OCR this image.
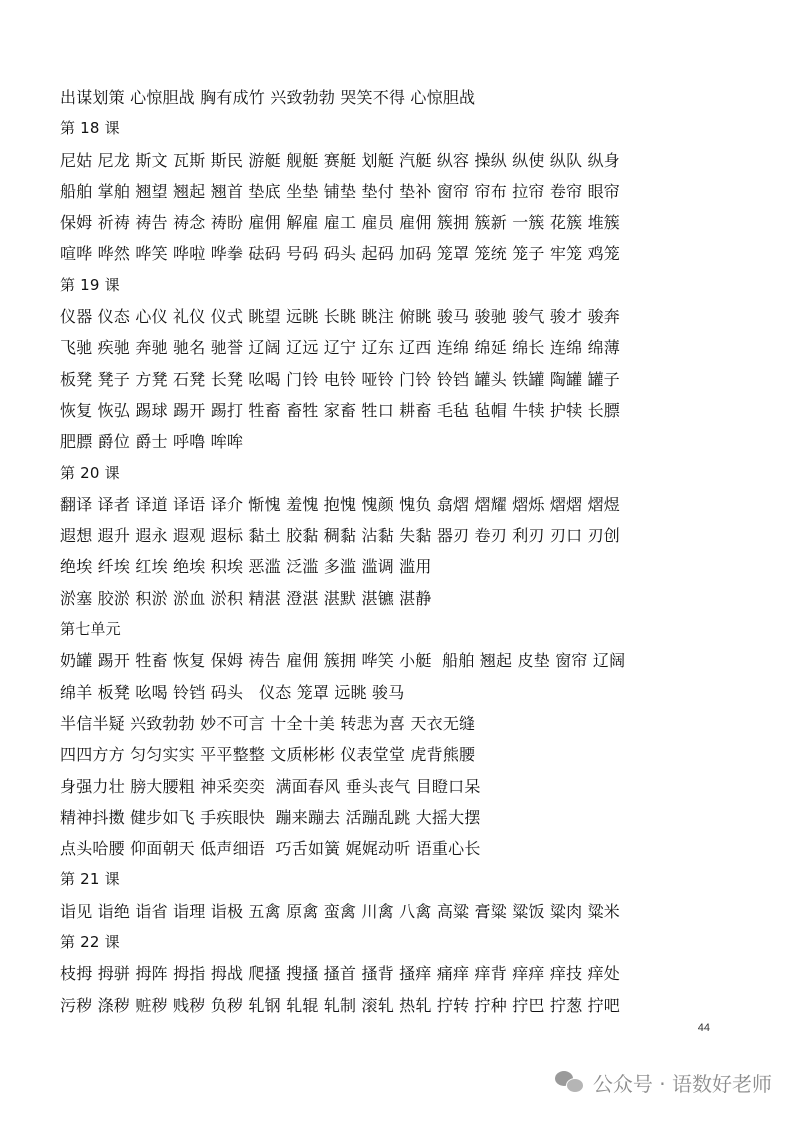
出谋划策 心惊胆战 胸有成竹 兴致勃勃 哭笑不得 心惊胆战
第 18 课
尼姑 尼龙 斯文 瓦斯 斯民 游艇 舰艇 赛艇 划艇 汽艇 纵容 操纵 纵使 纵队 纵身
船舶 掌舶 翘望 翘起 翘首 垫底 坐垫 铺垫 垫付 垫补 窗帘 帘布 拉帘 卷帘 眼帘
保姆 祈祷 祷告 祷念 祷盼 雇佣 解雇 雇工 雇员 雇佣 簇拥 簇新 一簇 花簇 堆簇
喧哗 哗然 哗笑 哗啦 哗拳 砝码 号码 码头 起码 加码 笼罩 笼统 笼子 牢笼 鸡笼
第 19 课
仪器 仪态 心仪 礼仪 仪式 眺望 远眺 长眺 眺注 俯眺 骏马 骏驰 骏气 骏才 骏奔
飞驰 疾驰 奔驰 驰名 驰誉 辽阔 辽远 辽宁 辽东 辽西 连绵 绵延 绵长 连绵 绵薄
板凳 凳子 方凳 石凳 长凳 吆喝 门铃 电铃 哑铃 门铃 铃铛 罐头 铁罐 陶罐 罐子
恢复 恢弘 踢球 踢开 踢打 牲畜 畜牲 家畜 牲口 耕畜 毛毡 毡帽 牛犊 护犊 长膘
肥膘 爵位 爵士 呼噜 哞哞
第 20 课
翻译 译者 译道 译语 译介 惭愧 羞愧 抱愧 愧颜 愧负 翕熠 熠耀 熠烁 熠熠 熠煜
遐想 遐升 遐永 遐观 遐标 黏土 胶黏 稠黏 沾黏 失黏 器刃 卷刃 利刃 刃口 刃创
绝埃 纤埃 红埃 绝埃 积埃 恶滥 泛滥 多滥 滥调 滥用
淤塞 胶淤 积淤 淤血 淤积 精湛 澄湛 湛默 湛镳 湛静
第七单元
奶罐 踢开 牲畜 恢复 保姆 祷告 雇佣 簇拥 哗笑 小艇  船舶 翘起 皮垫 窗帘 辽阔
绵羊 板凳 吆喝 铃铛 码头   仪态 笼罩 远眺 骏马
半信半疑 兴致勃勃 妙不可言 十全十美 转悲为喜 天衣无缝
四四方方 匀匀实实 平平整整 文质彬彬 仪表堂堂 虎背熊腰
身强力壮 膀大腰粗 神采奕奕  满面春风 垂头丧气 目瞪口呆
精神抖擞 健步如飞 手疾眼快  蹦来蹦去 活蹦乱跳 大摇大摆
点头哈腰 仰面朝天 低声细语  巧舌如簧 娓娓动听 语重心长
第 21 课
诣见 诣绝 诣省 诣理 诣极 五禽 原禽 蛮禽 川禽 八禽 高粱 膏粱 粱饭 粱肉 粱米
第 22 课
枝拇 拇骈 拇阵 拇指 拇战 爬搔 搜搔 搔首 搔背 搔痒 痛痒 痒背 痒痒 痒技 痒处
污秽 涤秽 赃秽 贱秽 负秽 轧钢 轧辊 轧制 滚轧 热轧 拧转 拧种 拧巴 拧葱 拧吧
44
公众号 · 语数好老师
